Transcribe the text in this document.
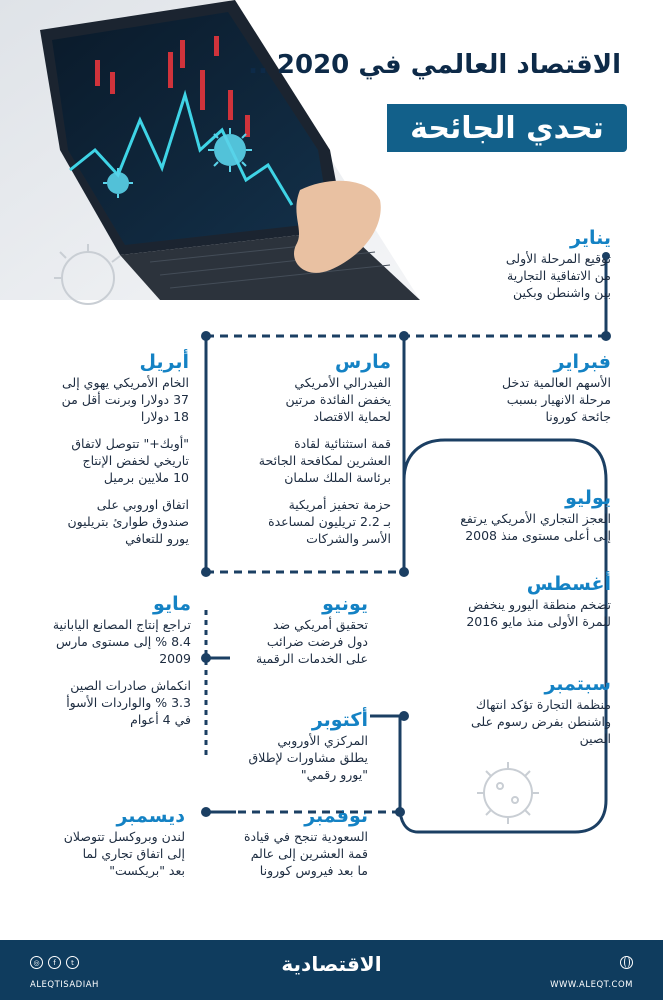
الاقتصاد العالمي في 2020 ..
تحدي الجائحة
يناير
توقيع المرحلة الأولى
من الاتفاقية التجارية
بين واشنطن وبكين
فبراير
الأسهم العالمية تدخل
مرحلة الانهيار بسبب
جائحة كورونا
مارس
الفيدرالي الأمريكي
يخفض الفائدة مرتين
لحماية الاقتصاد
قمة استثنائية لقادة
العشرين لمكافحة الجائحة
برئاسة الملك سلمان
حزمة تحفيز أمريكية
بـ 2.2 تريليون لمساعدة
الأسر والشركات
أبريل
الخام الأمريكي يهوي إلى
37 دولارا وبرنت أقل من
18 دولارا
"أوبك+" تتوصل لاتفاق
تاريخي لخفض الإنتاج
10 ملايين برميل
اتفاق اوروبي على
صندوق طوارئ بتريليون
يورو للتعافي
يوليو
العجز التجاري الأمريكي يرتفع
إلى أعلى مستوى منذ 2008
أغسطس
تضخم منطقة اليورو ينخفض
للمرة الأولى منذ مايو 2016
سبتمبر
منظمة التجارة تؤكد انتهاك
واشنطن بفرض رسوم على
الصين
مايو
تراجع إنتاج المصانع اليابانية
8.4 % إلى مستوى مارس
2009
انكماش صادرات الصين
3.3 % والواردات الأسوأ
في 4 أعوام
يونيو
تحقيق أمريكي ضد
دول فرضت ضرائب
على الخدمات الرقمية
أكتوبر
المركزي الأوروبي
يطلق مشاورات لإطلاق
"يورو رقمي"
نوفمبر
السعودية تنجح في قيادة
قمة العشرين إلى عالم
ما بعد فيروس كورونا
ديسمبر
لندن وبروكسل تتوصلان
إلى اتفاق تجاري لما
بعد "بريكست"
الاقتصادية
◎	f	t
ALEQTISADIAH	WWW.ALEQT.COM
